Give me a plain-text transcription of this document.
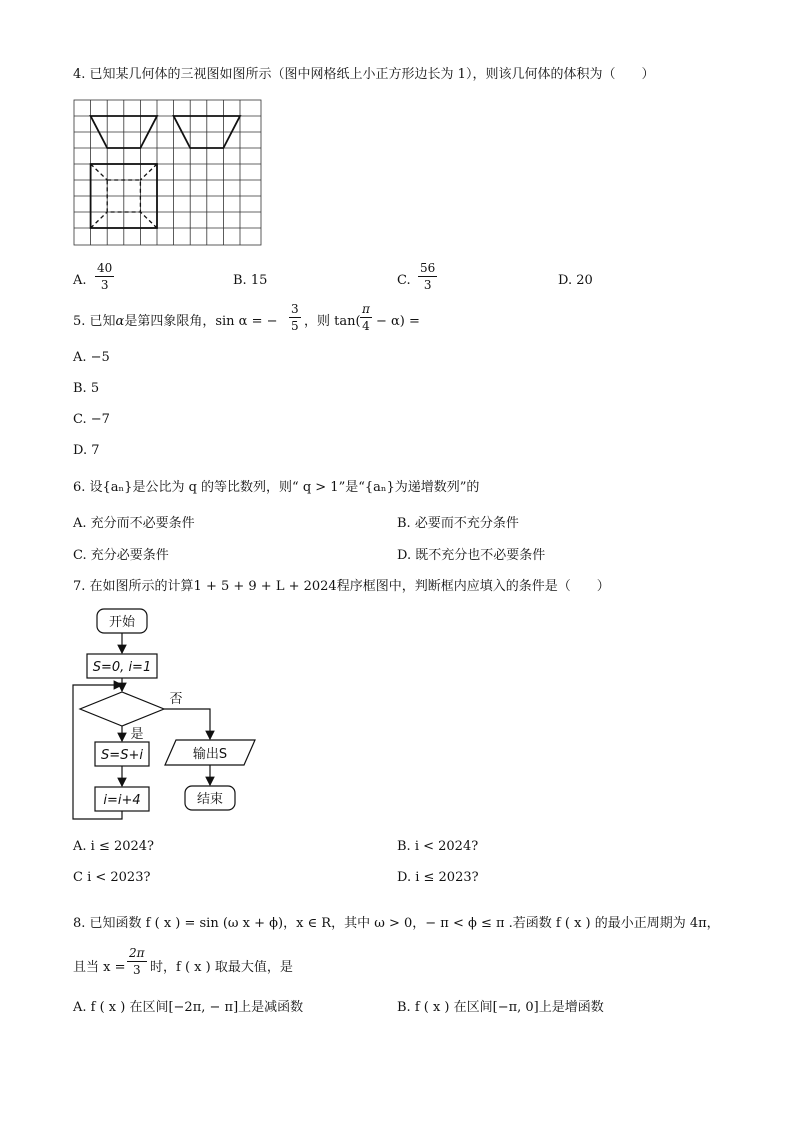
4. 已知某几何体的三视图如图所示（图中网格纸上小正方形边长为 1），则该几何体的体积为（　　）
A. $\frac{40}{3}$	B. 15	C. $\frac{56}{3}$	D. 20
5. 已知α是第四象限角，sin α = − $\frac{3}{5}$ ，则 $\tan( \frac{\pi}{4} - \alpha)$ =
A. −5
B. 5
C. −7
D. 7
6. 设{aₙ}是公比为 q 的等比数列，则“ q > 1”是“{aₙ}为递增数列”的
A. 充分而不必要条件	B. 必要而不充分条件
C. 充分必要条件	D. 既不充分也不必要条件
7. 在如图所示的计算1 + 5 + 9 + L + 2024程序框图中，判断框内应填入的条件是（　　）
开始
S=0, i=1
否
是
S=S+i	输出S
i=i+4	结束
A. i ≤ 2024?	B. i < 2024?
C i < 2023?	D. i ≤ 2023?
8. 已知函数 f ( x ) = sin (ω x + ϕ)，x ∈ R，其中 ω > 0，− π < ϕ ≤ π .若函数 f ( x ) 的最小正周期为 4π，
且当 $x = \frac{2\pi}{3}$ 时，f ( x ) 取最大值，是
A. f ( x ) 在区间[−2π, − π]上是减函数	B. f ( x ) 在区间[−π, 0]上是增函数
